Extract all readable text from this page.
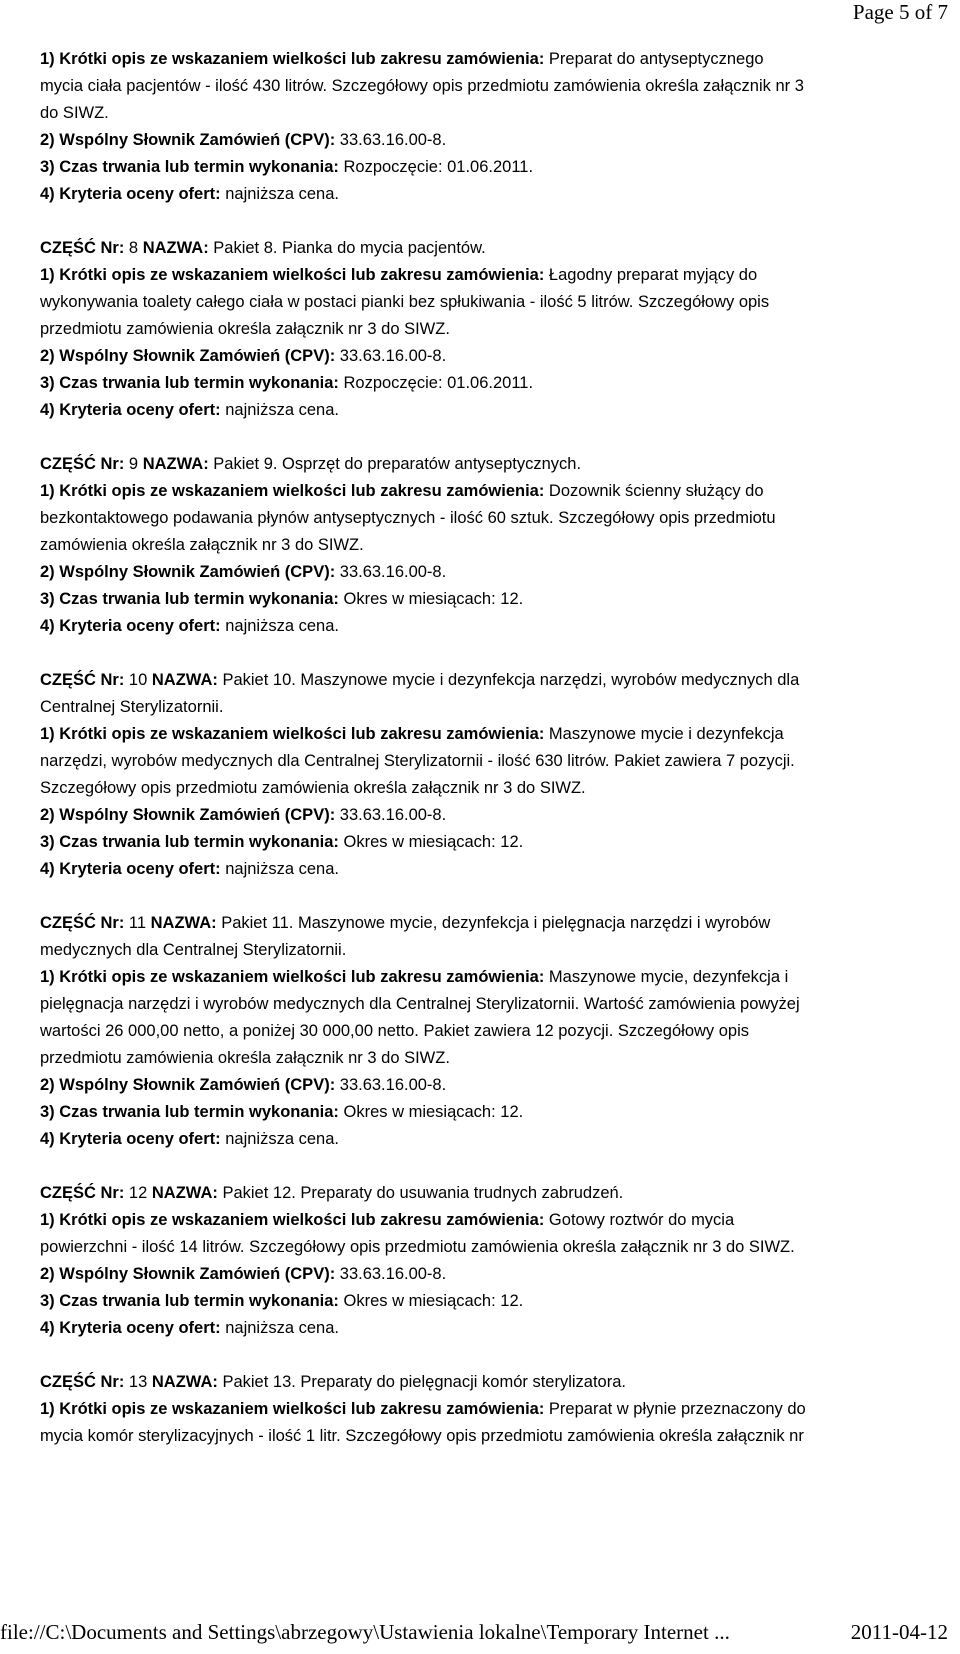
Page 5 of 7
1) Krótki opis ze wskazaniem wielkości lub zakresu zamówienia: Preparat do antyseptycznego
mycia ciała pacjentów - ilość 430 litrów. Szczegółowy opis przedmiotu zamówienia określa załącznik nr 3
do SIWZ.
2) Wspólny Słownik Zamówień (CPV): 33.63.16.00-8.
3) Czas trwania lub termin wykonania: Rozpoczęcie: 01.06.2011.
4) Kryteria oceny ofert: najniższa cena.
CZĘŚĆ Nr: 8 NAZWA: Pakiet 8. Pianka do mycia pacjentów.
1) Krótki opis ze wskazaniem wielkości lub zakresu zamówienia: Łagodny preparat myjący do
wykonywania toalety całego ciała w postaci pianki bez spłukiwania - ilość 5 litrów. Szczegółowy opis
przedmiotu zamówienia określa załącznik nr 3 do SIWZ.
2) Wspólny Słownik Zamówień (CPV): 33.63.16.00-8.
3) Czas trwania lub termin wykonania: Rozpoczęcie: 01.06.2011.
4) Kryteria oceny ofert: najniższa cena.
CZĘŚĆ Nr: 9 NAZWA: Pakiet 9. Osprzęt do preparatów antyseptycznych.
1) Krótki opis ze wskazaniem wielkości lub zakresu zamówienia: Dozownik ścienny służący do
bezkontaktowego podawania płynów antyseptycznych - ilość 60 sztuk. Szczegółowy opis przedmiotu
zamówienia określa załącznik nr 3 do SIWZ.
2) Wspólny Słownik Zamówień (CPV): 33.63.16.00-8.
3) Czas trwania lub termin wykonania: Okres w miesiącach: 12.
4) Kryteria oceny ofert: najniższa cena.
CZĘŚĆ Nr: 10 NAZWA: Pakiet 10. Maszynowe mycie i dezynfekcja narzędzi, wyrobów medycznych dla
Centralnej Sterylizatornii.
1) Krótki opis ze wskazaniem wielkości lub zakresu zamówienia: Maszynowe mycie i dezynfekcja
narzędzi, wyrobów medycznych dla Centralnej Sterylizatornii - ilość 630 litrów. Pakiet zawiera 7 pozycji.
Szczegółowy opis przedmiotu zamówienia określa załącznik nr 3 do SIWZ.
2) Wspólny Słownik Zamówień (CPV): 33.63.16.00-8.
3) Czas trwania lub termin wykonania: Okres w miesiącach: 12.
4) Kryteria oceny ofert: najniższa cena.
CZĘŚĆ Nr: 11 NAZWA: Pakiet 11. Maszynowe mycie, dezynfekcja i pielęgnacja narzędzi i wyrobów
medycznych dla Centralnej Sterylizatornii.
1) Krótki opis ze wskazaniem wielkości lub zakresu zamówienia: Maszynowe mycie, dezynfekcja i
pielęgnacja narzędzi i wyrobów medycznych dla Centralnej Sterylizatornii. Wartość zamówienia powyżej
wartości 26 000,00 netto, a poniżej 30 000,00 netto. Pakiet zawiera 12 pozycji. Szczegółowy opis
przedmiotu zamówienia określa załącznik nr 3 do SIWZ.
2) Wspólny Słownik Zamówień (CPV): 33.63.16.00-8.
3) Czas trwania lub termin wykonania: Okres w miesiącach: 12.
4) Kryteria oceny ofert: najniższa cena.
CZĘŚĆ Nr: 12 NAZWA: Pakiet 12. Preparaty do usuwania trudnych zabrudzeń.
1) Krótki opis ze wskazaniem wielkości lub zakresu zamówienia: Gotowy roztwór do mycia
powierzchni - ilość 14 litrów. Szczegółowy opis przedmiotu zamówienia określa załącznik nr 3 do SIWZ.
2) Wspólny Słownik Zamówień (CPV): 33.63.16.00-8.
3) Czas trwania lub termin wykonania: Okres w miesiącach: 12.
4) Kryteria oceny ofert: najniższa cena.
CZĘŚĆ Nr: 13 NAZWA: Pakiet 13. Preparaty do pielęgnacji komór sterylizatora.
1) Krótki opis ze wskazaniem wielkości lub zakresu zamówienia: Preparat w płynie przeznaczony do
mycia komór sterylizacyjnych - ilość 1 litr. Szczegółowy opis przedmiotu zamówienia określa załącznik nr
file://C:\Documents and Settings\abrzegowy\Ustawienia lokalne\Temporary Internet ...	2011-04-12
